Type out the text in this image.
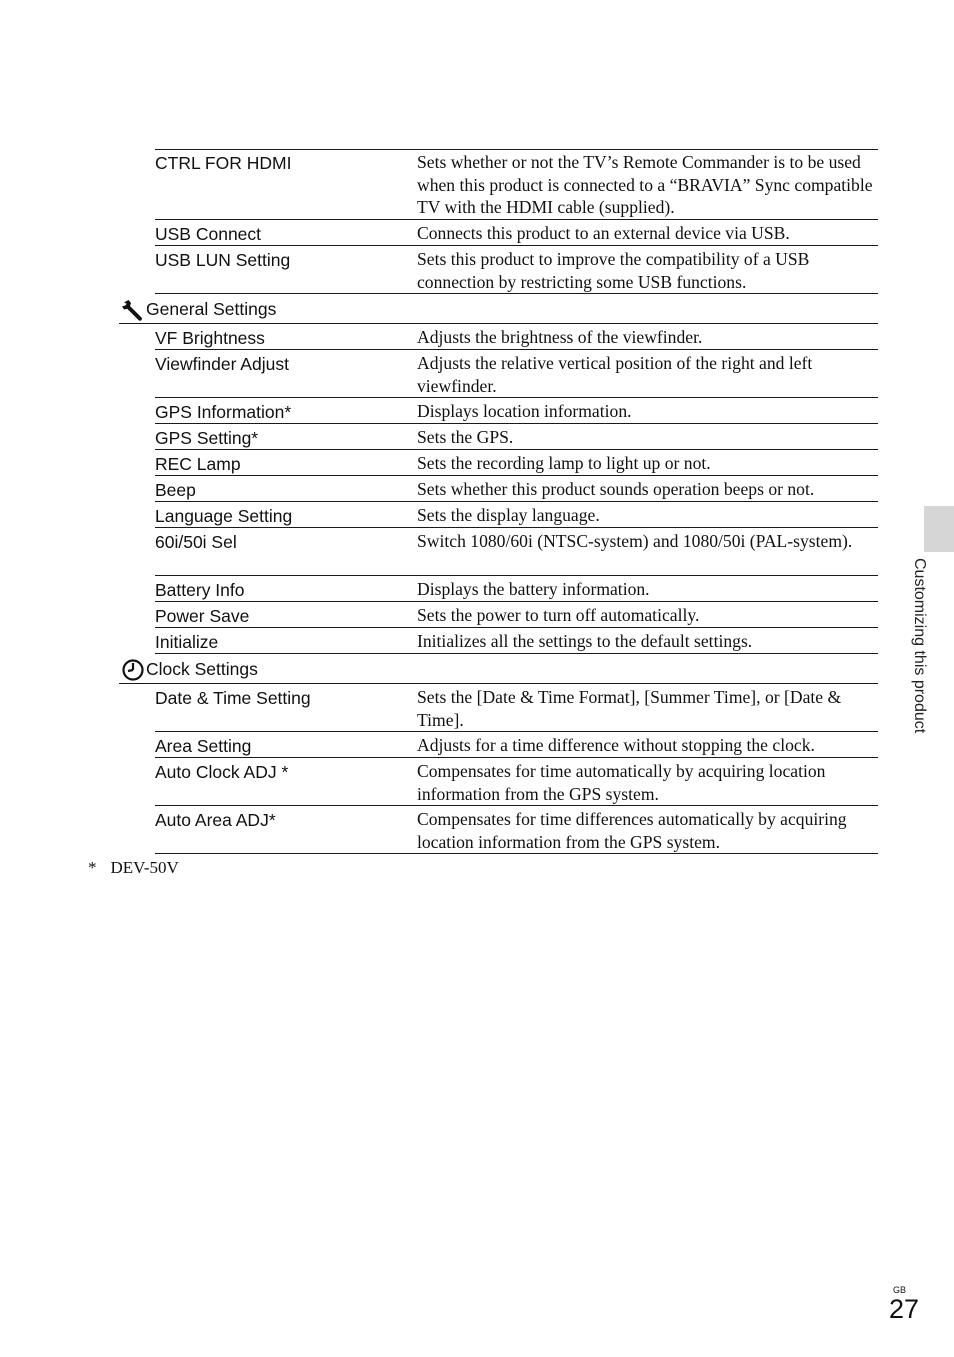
CTRL FOR HDMI	Sets whether or not the TV’s Remote Commander is to be used when this product is connected to a “BRAVIA” Sync compatible TV with the HDMI cable (supplied).
USB Connect	Connects this product to an external device via USB.
USB LUN Setting	Sets this product to improve the compatibility of a USB connection by restricting some USB functions.
General Settings
VF Brightness	Adjusts the brightness of the viewfinder.
Viewfinder Adjust	Adjusts the relative vertical position of the right and left viewfinder.
GPS Information*	Displays location information.
GPS Setting*	Sets the GPS.
REC Lamp	Sets the recording lamp to light up or not.
Beep	Sets whether this product sounds operation beeps or not.
Language Setting	Sets the display language.
60i/50i Sel	Switch 1080/60i (NTSC-system) and 1080/50i (PAL-system).
Battery Info	Displays the battery information.
Power Save	Sets the power to turn off automatically.
Initialize	Initializes all the settings to the default settings.
Clock Settings
Date & Time Setting	Sets the [Date & Time Format], [Summer Time], or [Date & Time].
Area Setting	Adjusts for a time difference without stopping the clock.
Auto Clock ADJ *	Compensates for time automatically by acquiring location information from the GPS system.
Auto Area ADJ*	Compensates for time differences automatically by acquiring location information from the GPS system.
* DEV-50V
Customizing this product
GB
27
